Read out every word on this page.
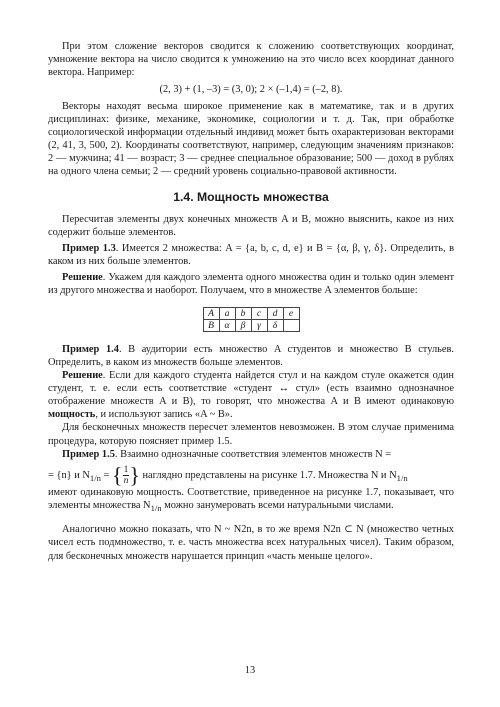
При этом сложение векторов сводится к сложению соответствующих координат, умножение вектора на число сводится к умножению на это число всех координат данного вектора. Например:

(2, 3) + (1, –3) = (3, 0); 2 × (–1,4) = (–2, 8).

Векторы находят весьма широкое применение как в математике, так и в других дисциплинах: физике, механике, экономике, социологии и т. д. Так, при обработке социологической информации отдельный индивид может быть охарактеризован векторами (2, 41, 3, 500, 2). Координаты соответствуют, например, следующим значениям признаков: 2 — мужчина; 41 — возраст; 3 — среднее специальное образование; 500 — доход в рублях на одного члена семьи; 2 — средний уровень социально-правовой активности.

1.4. Мощность множества

Пересчитав элементы двух конечных множеств A и B, можно выяснить, какое из них содержит больше элементов.

Пример 1.3. Имеется 2 множества: A = {a, b, c, d, e} и B = {α, β, γ, δ}. Определить, в каком из них больше элементов.

Решение. Укажем для каждого элемента одного множества один и только один элемент из другого множества и наоборот. Получаем, что в множестве A элементов больше:

A	a	b	c	d	e
B	α	β	γ	δ	

Пример 1.4. В аудитории есть множество A студентов и множество B стульев. Определить, в каком из множеств больше элементов.

Решение. Если для каждого студента найдется стул и на каждом стуле окажется один студент, т. е. если есть соответствие «студент ↔ стул» (есть взаимно однозначное отображение множеств A и B), то говорят, что множества A и B имеют одинаковую мощность, и используют запись «A ~ B».

Для бесконечных множеств пересчет элементов невозможен. В этом случае применима процедура, которую поясняет пример 1.5.

Пример 1.5. Взаимно однозначные соответствия элементов множеств N =

= {n} и $N_{1/n}$ = { $\frac{1}{n}$ } наглядно представлены на рисунке 1.7. Множества N и $N_{1/n}$

имеют одинаковую мощность. Соответствие, приведенное на рисунке 1.7, показывает, что элементы множества $N_{1/n}$ можно занумеровать всеми натуральными числами.

Аналогично можно показать, что N ~ N2n, в то же время N2n ⊂ N (множество четных чисел есть подмножество, т. е. часть множества всех натуральных чисел). Таким образом, для бесконечных множеств нарушается принцип «часть меньше целого».

13
